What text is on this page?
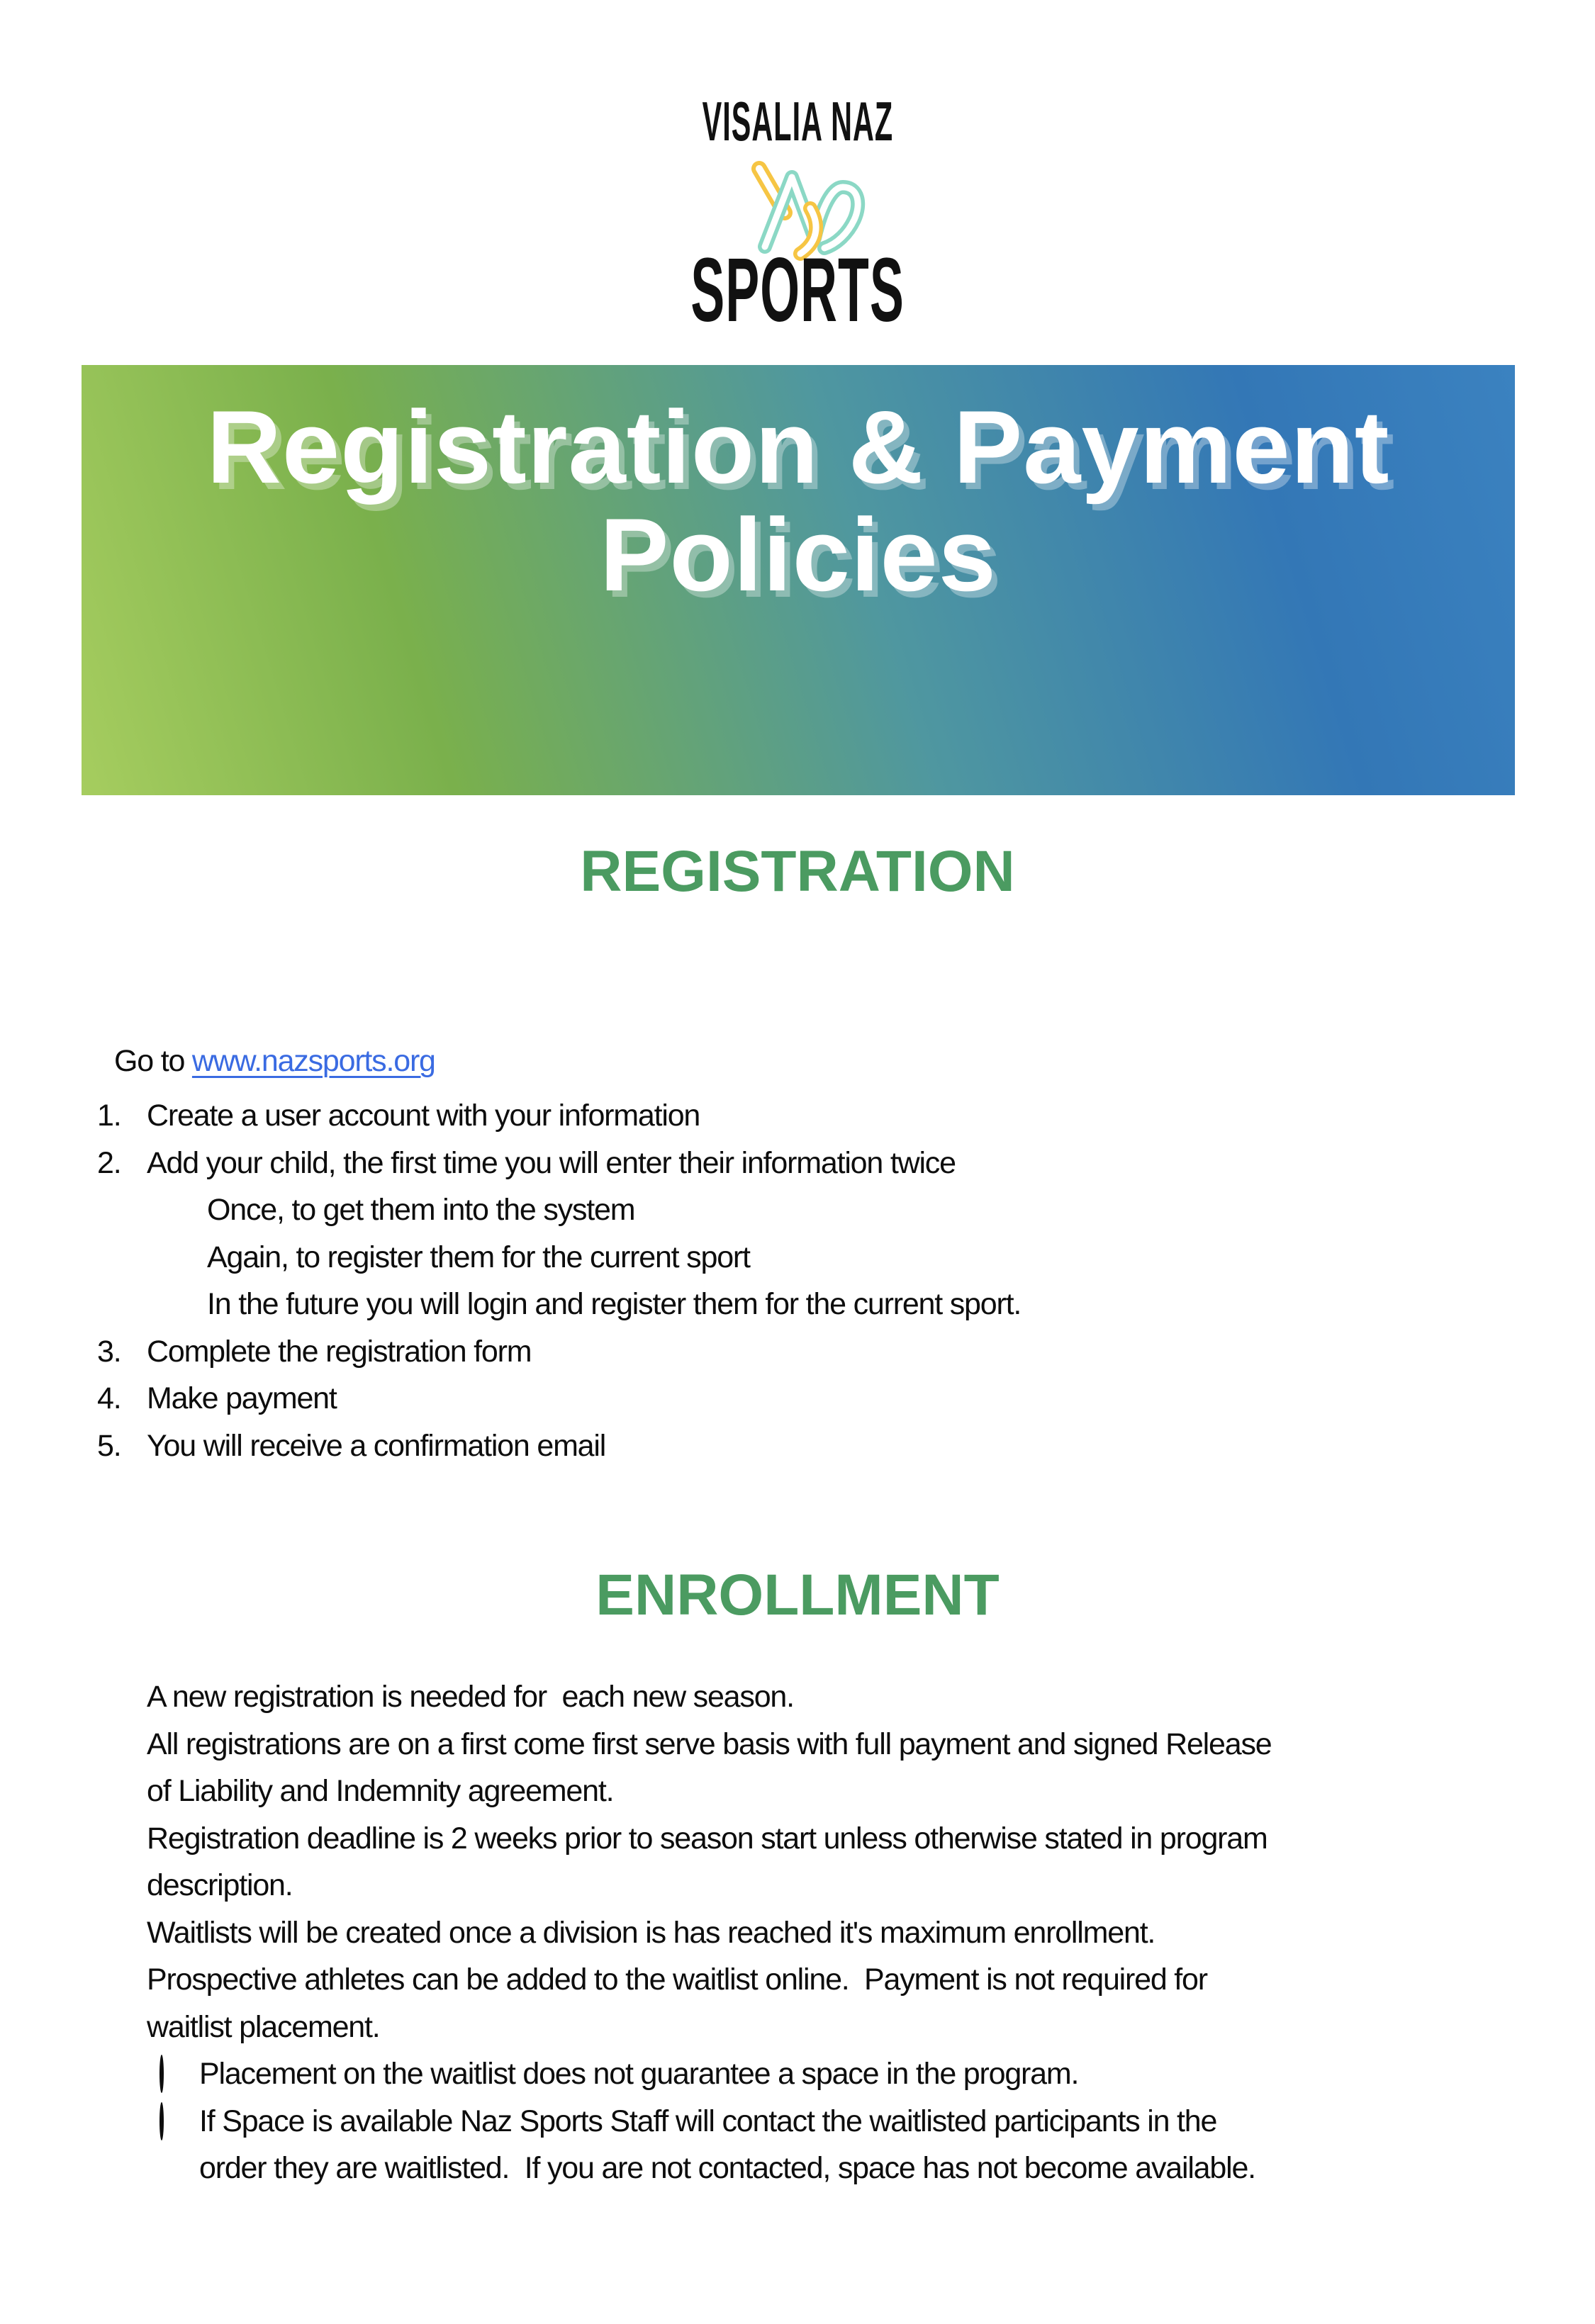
VISALIA NAZ
SPORTS
Registration & Payment
Policies
REGISTRATION

Go to www.nazsports.org

1. Create a user account with your information
2. Add your child, the first time you will enter their information twice
Once, to get them into the system
Again, to register them for the current sport
In the future you will login and register them for the current sport.
3. Complete the registration form
4. Make payment
5. You will receive a confirmation email
ENROLLMENT
A new registration is needed for  each new season.
All registrations are on a first come first serve basis with full payment and signed Release
of Liability and Indemnity agreement.
Registration deadline is 2 weeks prior to season start unless otherwise stated in program
description.
Waitlists will be created once a division is has reached it's maximum enrollment.
Prospective athletes can be added to the waitlist online.  Payment is not required for
waitlist placement.
Placement on the waitlist does not guarantee a space in the program.
If Space is available Naz Sports Staff will contact the waitlisted participants in the
order they are waitlisted.  If you are not contacted, space has not become available.
